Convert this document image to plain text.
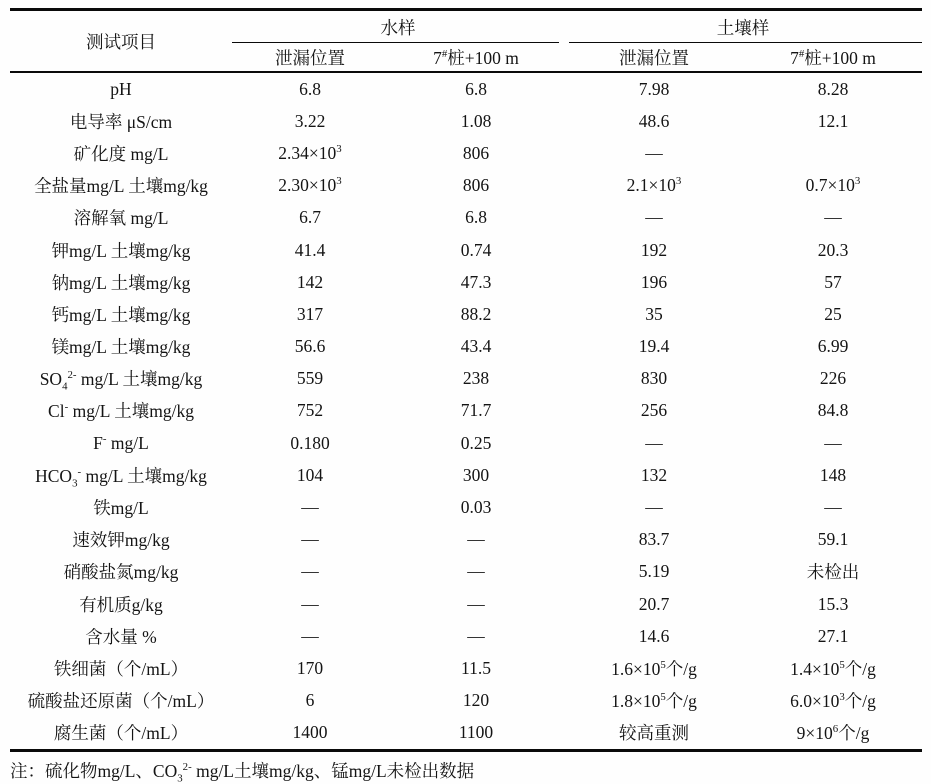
测试项目	水样		土壤样	
	泄漏位置	7#桩+100 m	泄漏位置	7#桩+100 m
pH	6.8	6.8	7.98	8.28
电导率 μS/cm	3.22	1.08	48.6	12.1
矿化度 mg/L	$2.34\times 10^3$	806	—	
全盐量mg/L 土壤mg/kg	$2.30\times 10^3$	806	$2.1\times 10^3$	$0.7\times 10^3$
溶解氧 mg/L	6.7	6.8	—	—
钾mg/L 土壤mg/kg	41.4	0.74	192	20.3
钠mg/L 土壤mg/kg	142	47.3	196	57
钙mg/L 土壤mg/kg	317	88.2	35	25
镁mg/L 土壤mg/kg	56.6	43.4	19.4	6.99
$SO_4^{2-}$ mg/L 土壤mg/kg	559	238	830	226
Cl- mg/L 土壤mg/kg	752	71.7	256	84.8
F- mg/L	0.180	0.25	—	—
$HCO_3^-$ mg/L 土壤mg/kg	104	300	132	148
铁mg/L	—	0.03	—	—
速效钾mg/kg	—	—	83.7	59.1
硝酸盐氮mg/kg	—	—	5.19	未检出
有机质g/kg	—	—	20.7	15.3
含水量 %	—	—	14.6	27.1
铁细菌（个/mL）	170	11.5	$1.6\times 10^5$个/g	$1.4\times 10^5$个/g
硫酸盐还原菌（个/mL）	6	120	$1.8\times 10^5$个/g	$6.0\times 10^3$个/g
腐生菌（个/mL）	1400	1100	较高重测	$9\times 10^6$个/g
注：硫化物mg/L、$CO_3^{2-}$ mg/L土壤mg/kg、锰mg/L未检出数据
